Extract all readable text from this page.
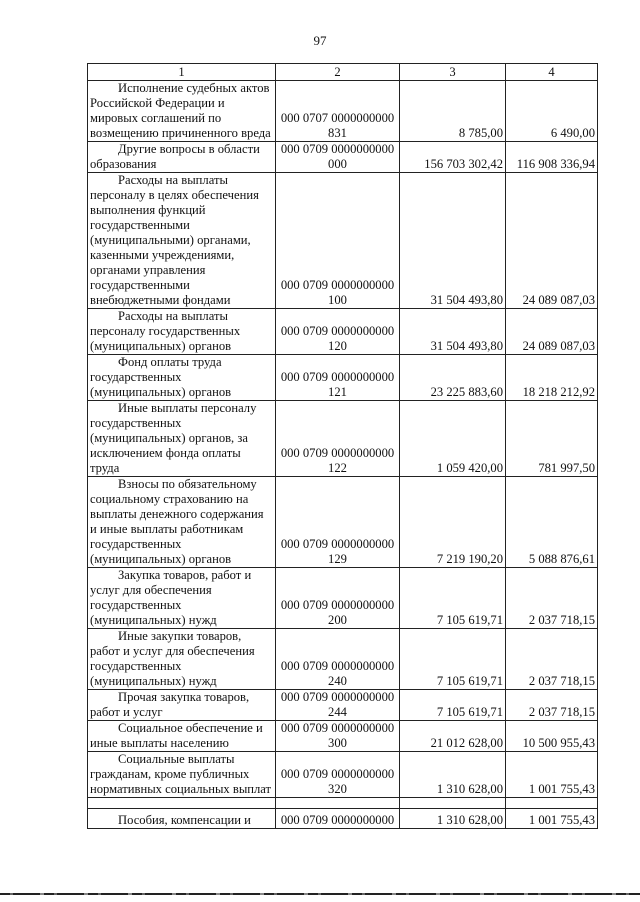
97
1	2	3	4
Исполнение судебных актов Российской Федерации и мировых соглашений по возмещению причиненного вреда	000 0707 0000000000 831	8 785,00	6 490,00
Другие вопросы в области образования	000 0709 0000000000 000	156 703 302,42	116 908 336,94
Расходы на выплаты персоналу в целях обеспечения выполнения функций государственными (муниципальными) органами, казенными учреждениями, органами управления государственными внебюджетными фондами	000 0709 0000000000 100	31 504 493,80	24 089 087,03
Расходы на выплаты персоналу государственных (муниципальных) органов	000 0709 0000000000 120	31 504 493,80	24 089 087,03
Фонд оплаты труда государственных (муниципальных) органов	000 0709 0000000000 121	23 225 883,60	18 218 212,92
Иные выплаты персоналу государственных (муниципальных) органов, за исключением фонда оплаты труда	000 0709 0000000000 122	1 059 420,00	781 997,50
Взносы по обязательному социальному страхованию на выплаты денежного содержания и иные выплаты работникам государственных (муниципальных) органов	000 0709 0000000000 129	7 219 190,20	5 088 876,61
Закупка товаров, работ и услуг для обеспечения государственных (муниципальных) нужд	000 0709 0000000000 200	7 105 619,71	2 037 718,15
Иные закупки товаров, работ и услуг для обеспечения государственных (муниципальных) нужд	000 0709 0000000000 240	7 105 619,71	2 037 718,15
Прочая закупка товаров, работ и услуг	000 0709 0000000000 244	7 105 619,71	2 037 718,15
Социальное обеспечение и иные выплаты населению	000 0709 0000000000 300	21 012 628,00	10 500 955,43
Социальные выплаты гражданам, кроме публичных нормативных социальных выплат	000 0709 0000000000 320	1 310 628,00	1 001 755,43

Пособия, компенсации и	000 0709 0000000000	1 310 628,00	1 001 755,43
